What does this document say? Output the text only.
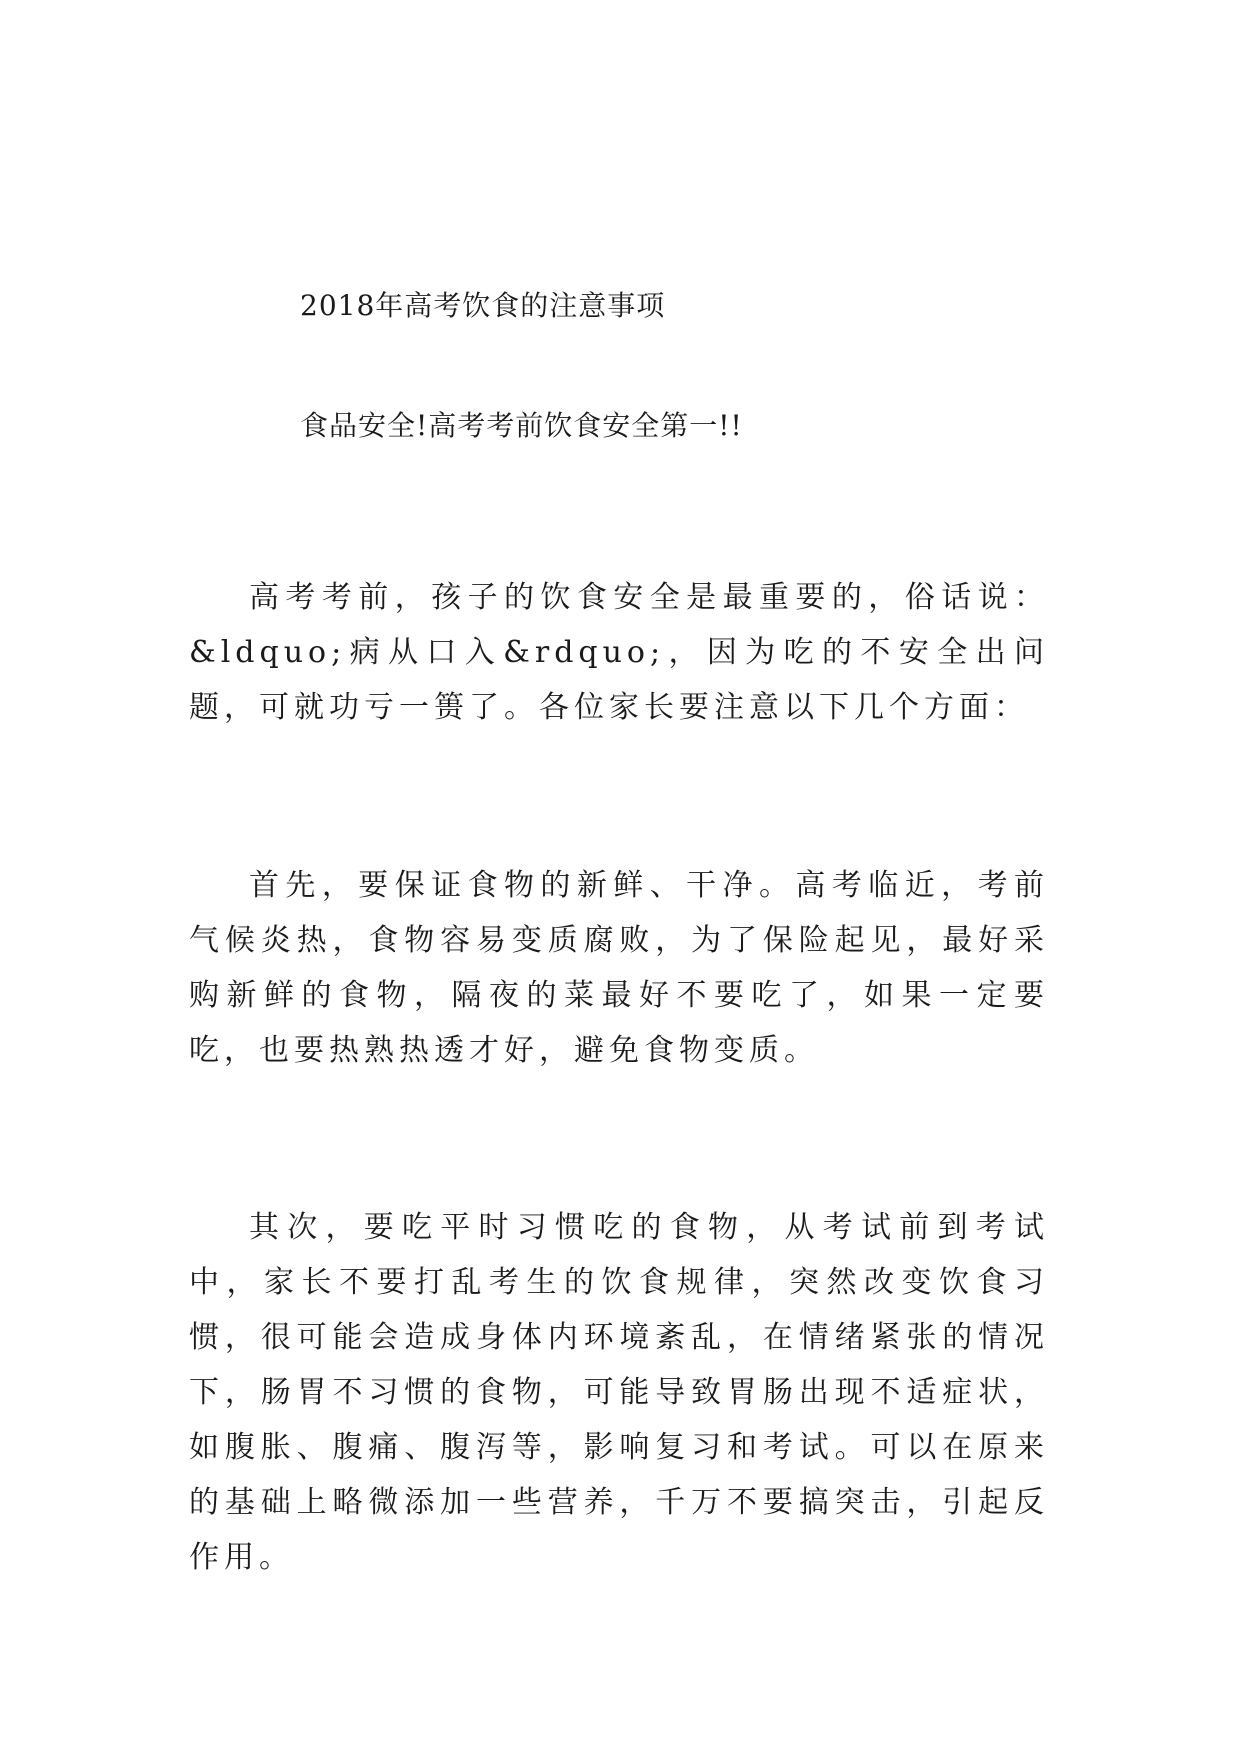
2018年高考饮食的注意事项
食品安全!高考考前饮食安全第一!!

高考考前，孩子的饮食安全是最重要的，俗话说：&ldquo;病从口入&rdquo;，因为吃的不安全出问题，可就功亏一篑了。各位家长要注意以下几个方面：

首先，要保证食物的新鲜、干净。高考临近，考前气候炎热，食物容易变质腐败，为了保险起见，最好采购新鲜的食物，隔夜的菜最好不要吃了，如果一定要吃，也要热熟热透才好，避免食物变质。

其次，要吃平时习惯吃的食物，从考试前到考试中，家长不要打乱考生的饮食规律，突然改变饮食习惯，很可能会造成身体内环境紊乱，在情绪紧张的情况下，肠胃不习惯的食物，可能导致胃肠出现不适症状，如腹胀、腹痛、腹泻等，影响复习和考试。可以在原来的基础上略微添加一些营养，千万不要搞突击，引起反作用。
